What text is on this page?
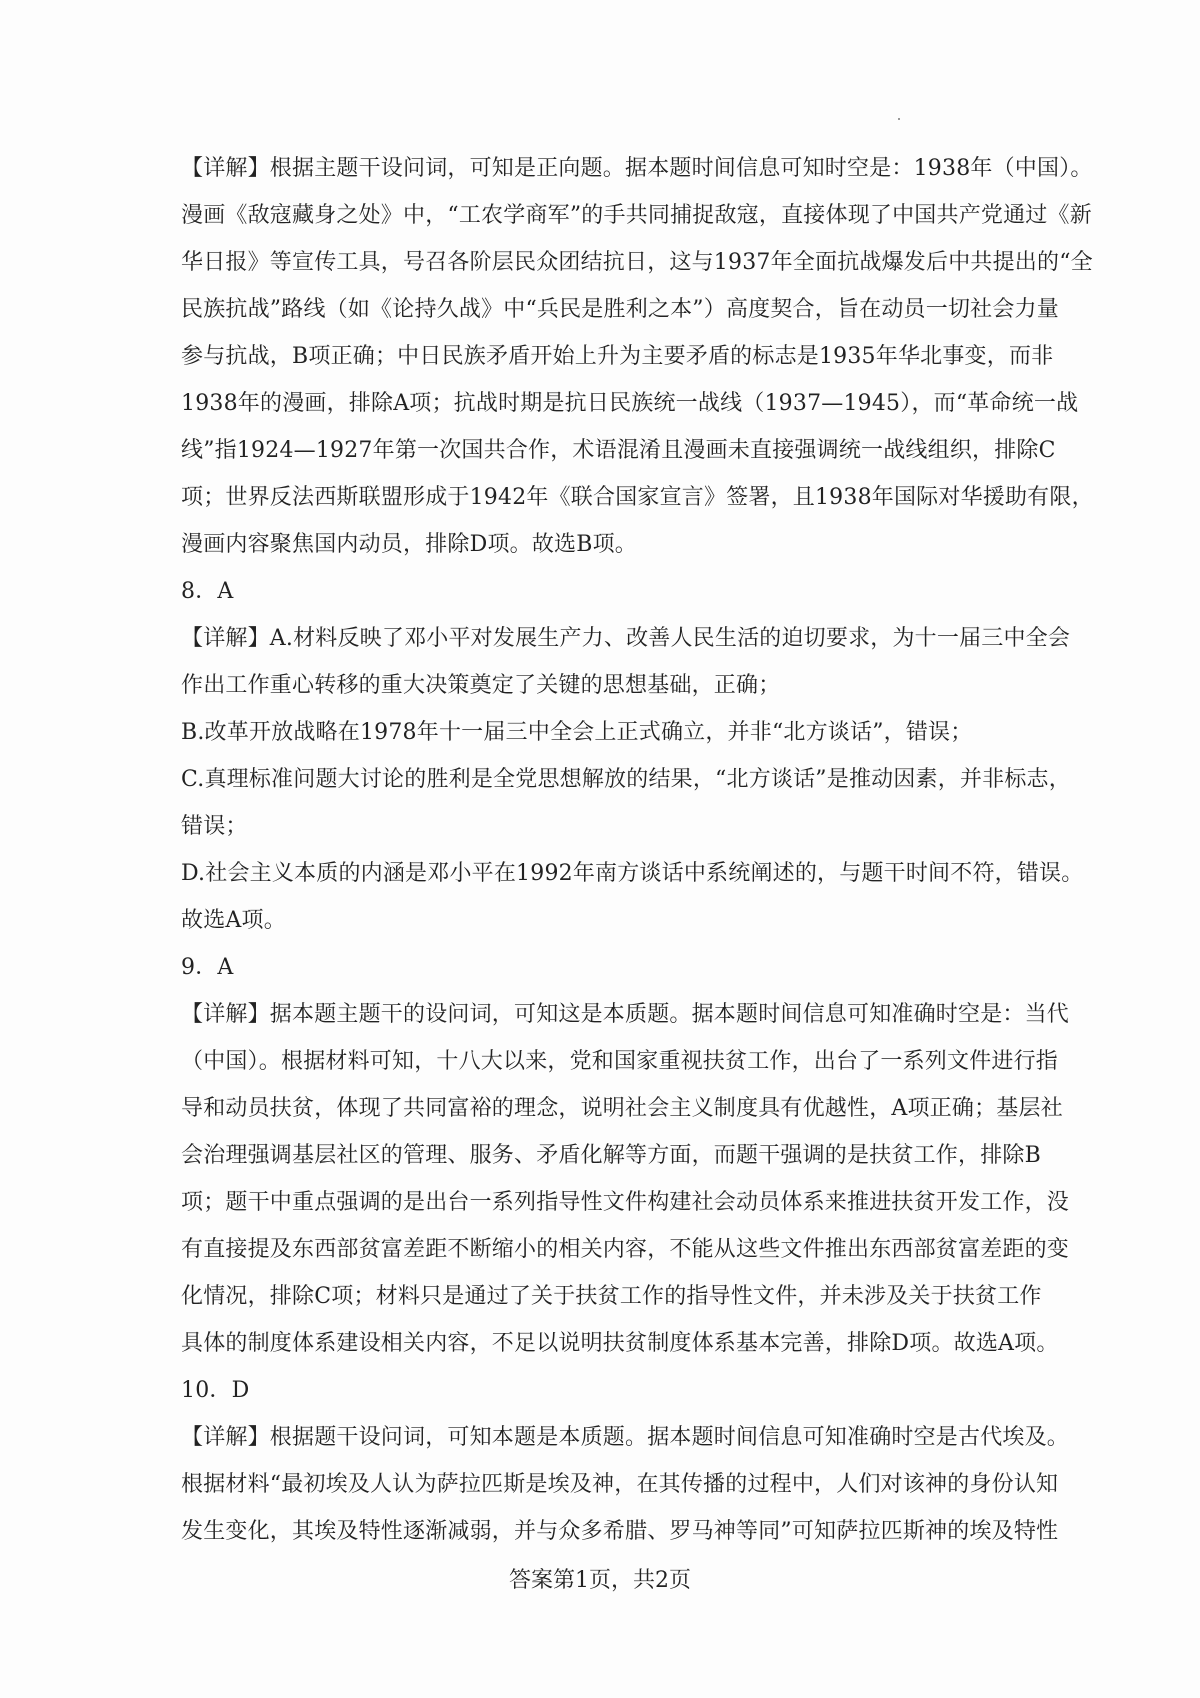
【详解】根据主题干设问词，可知是正向题。据本题时间信息可知时空是：1938年（中国）。
漫画《敌寇藏身之处》中，“工农学商军”的手共同捕捉敌寇，直接体现了中国共产党通过《新
华日报》等宣传工具，号召各阶层民众团结抗日，这与1937年全面抗战爆发后中共提出的“全
民族抗战”路线（如《论持久战》中“兵民是胜利之本”）高度契合，旨在动员一切社会力量
参与抗战，B项正确；中日民族矛盾开始上升为主要矛盾的标志是1935年华北事变，而非
1938年的漫画，排除A项；抗战时期是抗日民族统一战线（1937—1945），而“革命统一战
线”指1924—1927年第一次国共合作，术语混淆且漫画未直接强调统一战线组织，排除C
项；世界反法西斯联盟形成于1942年《联合国家宣言》签署，且1938年国际对华援助有限，
漫画内容聚焦国内动员，排除D项。故选B项。
8．A
【详解】A.材料反映了邓小平对发展生产力、改善人民生活的迫切要求，为十一届三中全会
作出工作重心转移的重大决策奠定了关键的思想基础，正确；
B.改革开放战略在1978年十一届三中全会上正式确立，并非“北方谈话”，错误；
C.真理标准问题大讨论的胜利是全党思想解放的结果，“北方谈话”是推动因素，并非标志，
错误；
D.社会主义本质的内涵是邓小平在1992年南方谈话中系统阐述的，与题干时间不符，错误。
故选A项。
9．A
【详解】据本题主题干的设问词，可知这是本质题。据本题时间信息可知准确时空是：当代
（中国）。根据材料可知，十八大以来，党和国家重视扶贫工作，出台了一系列文件进行指
导和动员扶贫，体现了共同富裕的理念，说明社会主义制度具有优越性，A项正确；基层社
会治理强调基层社区的管理、服务、矛盾化解等方面，而题干强调的是扶贫工作，排除B
项；题干中重点强调的是出台一系列指导性文件构建社会动员体系来推进扶贫开发工作，没
有直接提及东西部贫富差距不断缩小的相关内容，不能从这些文件推出东西部贫富差距的变
化情况，排除C项；材料只是通过了关于扶贫工作的指导性文件，并未涉及关于扶贫工作
具体的制度体系建设相关内容，不足以说明扶贫制度体系基本完善，排除D项。故选A项。
10．D
【详解】根据题干设问词，可知本题是本质题。据本题时间信息可知准确时空是古代埃及。
根据材料“最初埃及人认为萨拉匹斯是埃及神，在其传播的过程中，人们对该神的身份认知
发生变化，其埃及特性逐渐减弱，并与众多希腊、罗马神等同”可知萨拉匹斯神的埃及特性
答案第1页，共2页
